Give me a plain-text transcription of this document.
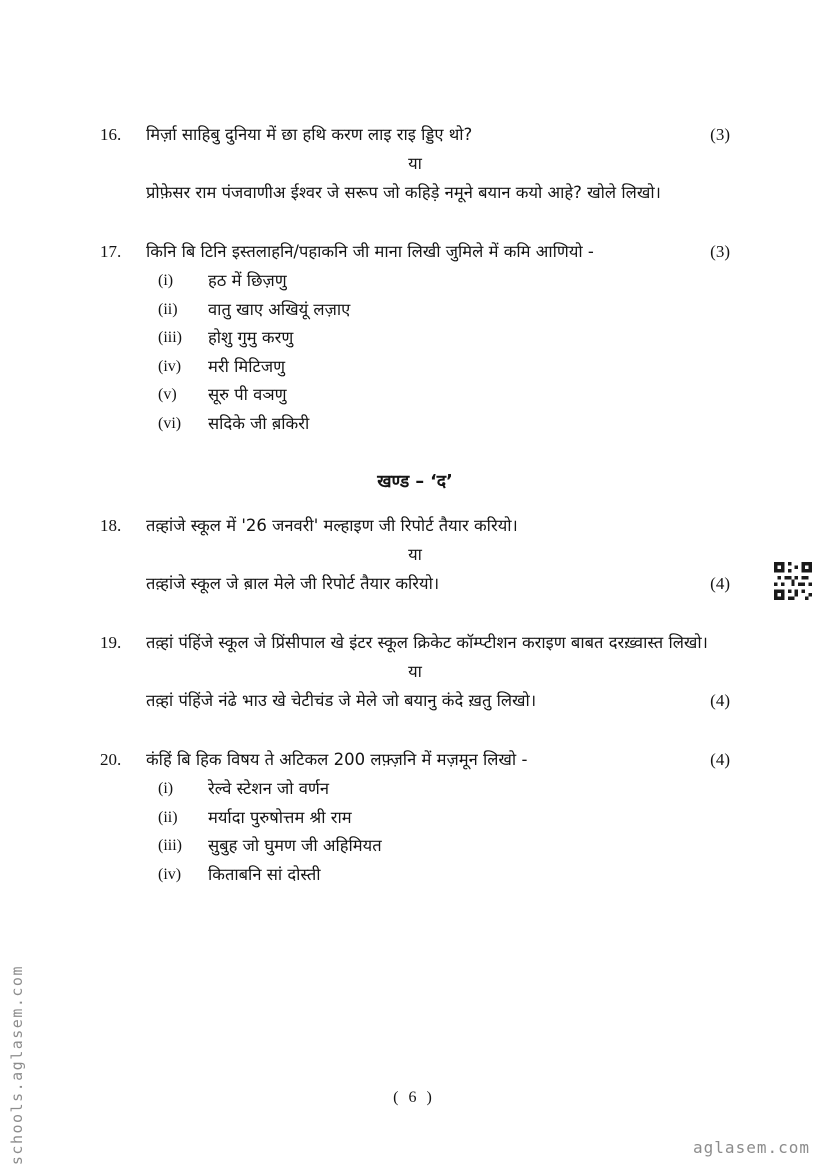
schools.aglasem.com
16.	मिर्ज़ा साहिबु दुनिया में छा हथि करण लाइ राइ ड्डिए थो?	(3)
या
प्रोफ़ेसर राम पंजवाणीअ ईश्वर जे सरूप जो कहिड़े नमूने बयान कयो आहे? खोले लिखो।
17.	किनि बि टिनि इस्तलाहनि/पहाकनि जी माना लिखी जुमिले में कमि आणियो -	(3)
(i)	हठ में छिज़णु
(ii)	वातु खाए अखियूं लज़ाए
(iii)	होशु गुमु करणु
(iv)	मरी मिटिजणु
(v)	सूरु पी वञणु
(vi)	सदिके जी ब़किरी
खण्ड – ‘द’
18.	तव़्हांजे स्कूल में '26 जनवरी' मल्हाइण जी रिपोर्ट तैयार करियो।
या
तव़्हांजे स्कूल जे ब़ाल मेले जी रिपोर्ट तैयार करियो।	(4)
19.	तव़्हां पंहिंजे स्कूल जे प्रिंसीपाल खे इंटर स्कूल क्रिकेट कॉम्प्टीशन कराइण बाबत दरख़्वास्त लिखो।
या
तव़्हां पंहिंजे नंढे भाउ खे चेटीचंड जे मेले जो बयानु कंदे ख़तु लिखो।	(4)
20.	कंहिं बि हिक विषय ते अटिकल 200 लफ़्ज़नि में मज़मून लिखो -	(4)
(i)	रेल्वे स्टेशन जो वर्णन
(ii)	मर्यादा पुरुषोत्तम श्री राम
(iii)	सुबुह जो घुमण जी अहिमियत
(iv)	किताबनि सां दोस्ती
( 6 )
aglasem.com
